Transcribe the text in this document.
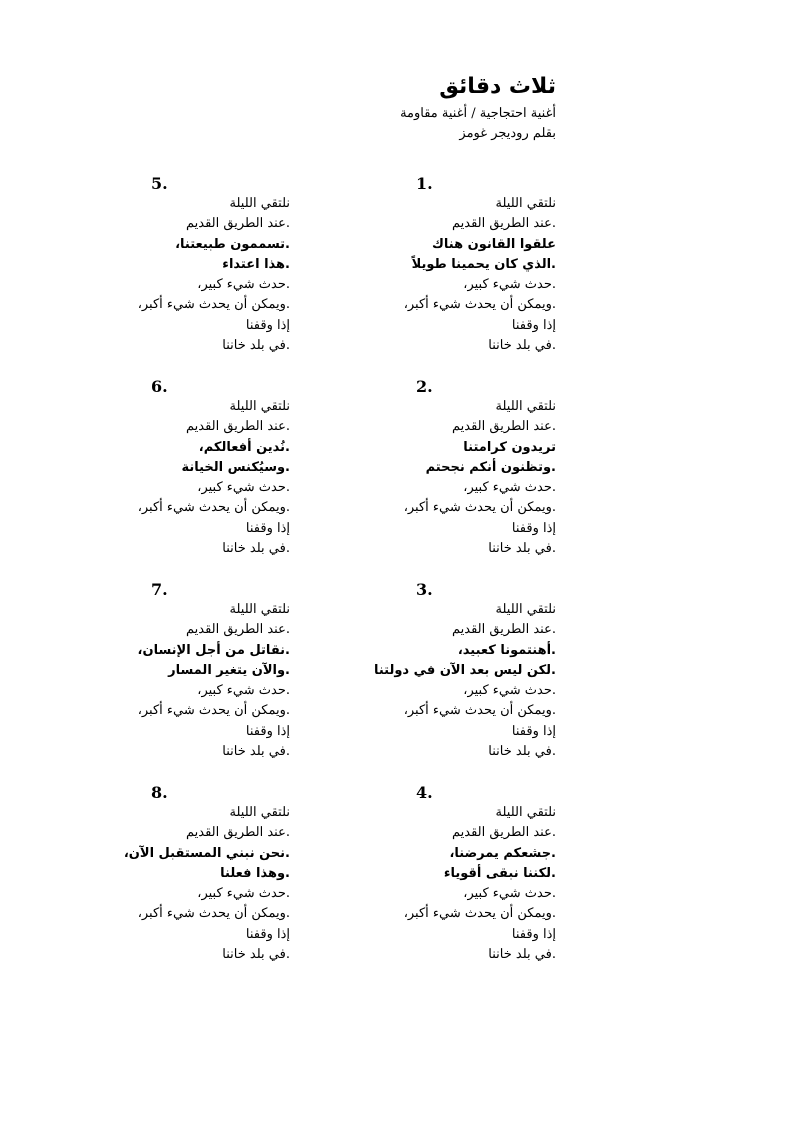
ثلاث دقائق
أغنية احتجاجية / أغنية مقاومة
بقلم روديجر غومز
1.
نلتقي الليلة
.عند الطريق القديم
علقوا القانون هناك
.الذي كان يحمينا طويلاً
.حدث شيء كبير،
.ويمكن أن يحدث شيء أكبر،
إذا وقفنا
.في بلد خاننا
2.
نلتقي الليلة
.عند الطريق القديم
تريدون كرامتنا
.وتظنون أنكم نجحتم
.حدث شيء كبير،
.ويمكن أن يحدث شيء أكبر،
إذا وقفنا
.في بلد خاننا
3.
نلتقي الليلة
.عند الطريق القديم
.أهنتمونا كعبيد،
.لكن ليس بعد الآن في دولتنا
.حدث شيء كبير،
.ويمكن أن يحدث شيء أكبر،
إذا وقفنا
.في بلد خاننا
4.
نلتقي الليلة
.عند الطريق القديم
.جشعكم يمرضنا،
.لكننا نبقى أقوياء
.حدث شيء كبير،
.ويمكن أن يحدث شيء أكبر،
إذا وقفنا
.في بلد خاننا
5.
نلتقي الليلة
.عند الطريق القديم
.تسممون طبيعتنا،
.هذا اعتداء
.حدث شيء كبير،
.ويمكن أن يحدث شيء أكبر،
إذا وقفنا
.في بلد خاننا
6.
نلتقي الليلة
.عند الطريق القديم
.نُدين أفعالكم،
.وسيُكنس الخيانة
.حدث شيء كبير،
.ويمكن أن يحدث شيء أكبر،
إذا وقفنا
.في بلد خاننا
7.
نلتقي الليلة
.عند الطريق القديم
.نقاتل من أجل الإنسان،
.والآن يتغير المسار
.حدث شيء كبير،
.ويمكن أن يحدث شيء أكبر،
إذا وقفنا
.في بلد خاننا
8.
نلتقي الليلة
.عند الطريق القديم
.نحن نبني المستقبل الآن،
.وهذا فعلنا
.حدث شيء كبير،
.ويمكن أن يحدث شيء أكبر،
إذا وقفنا
.في بلد خاننا
